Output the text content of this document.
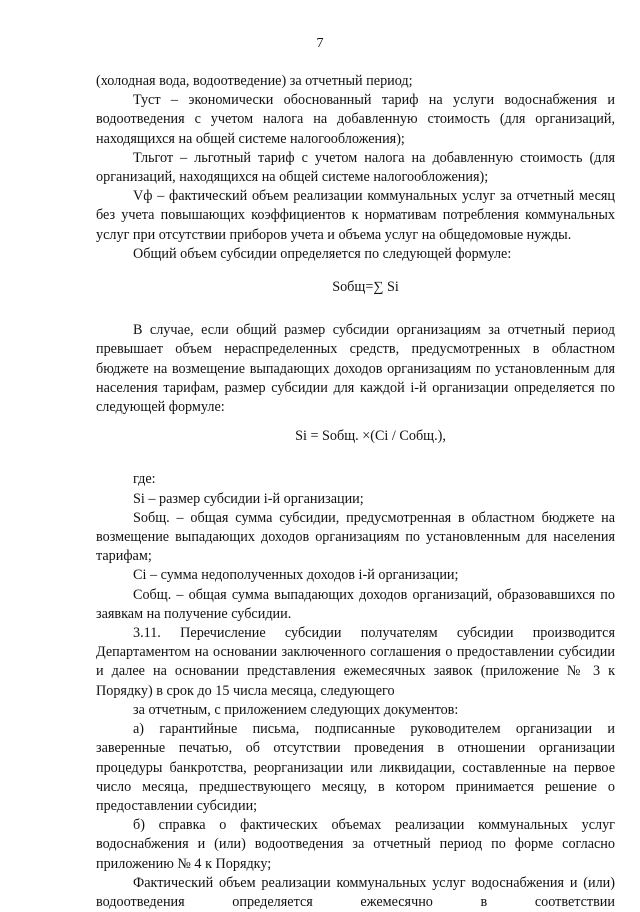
7

(холодная вода, водоотведение) за отчетный период;

Туст – экономически обоснованный тариф на услуги водоснабжения и водоотведения с учетом налога на добавленную стоимость (для организаций, находящихся на общей системе налогообложения);

Тльгот – льготный тариф с учетом налога на добавленную стоимость (для организаций, находящихся на общей системе налогообложения);

Vф – фактический объем реализации коммунальных услуг за отчетный месяц без учета повышающих коэффициентов к нормативам потребления коммунальных услуг при отсутствии приборов учета и объема услуг на общедомовые нужды.

Общий объем субсидии определяется по следующей формуле:

Sобщ=∑ Si

В случае, если общий размер субсидии организациям за отчетный период превышает объем нераспределенных средств, предусмотренных в областном бюджете на возмещение выпадающих доходов организациям по установленным для населения тарифам, размер субсидии для каждой i-й организации определяется по следующей формуле:

Si = Sобщ. ×(Ci / Cобщ.),

где:

Si – размер субсидии i-й организации;

Sобщ. – общая сумма субсидии, предусмотренная в областном бюджете на возмещение выпадающих доходов организациям по установленным для населения тарифам;

Ci – сумма недополученных доходов i-й организации;

Cобщ. – общая сумма выпадающих доходов организаций, образовавшихся по заявкам на получение субсидии.

3.11. Перечисление субсидии получателям субсидии производится Департаментом на основании заключенного соглашения о предоставлении субсидии и далее на основании представления ежемесячных заявок (приложение № 3 к Порядку) в срок до 15 числа месяца, следующего

за отчетным, с приложением следующих документов:

а) гарантийные письма, подписанные руководителем организации и заверенные печатью, об отсутствии проведения в отношении организации процедуры банкротства, реорганизации или ликвидации, составленные на первое число месяца, предшествующего месяцу, в котором принимается решение о предоставлении субсидии;

б) справка о фактических объемах реализации коммунальных услуг водоснабжения и (или) водоотведения за отчетный период по форме согласно приложению № 4 к Порядку;

Фактический объем реализации коммунальных услуг водоснабжения и (или) водоотведения определяется ежемесячно в соответствии
